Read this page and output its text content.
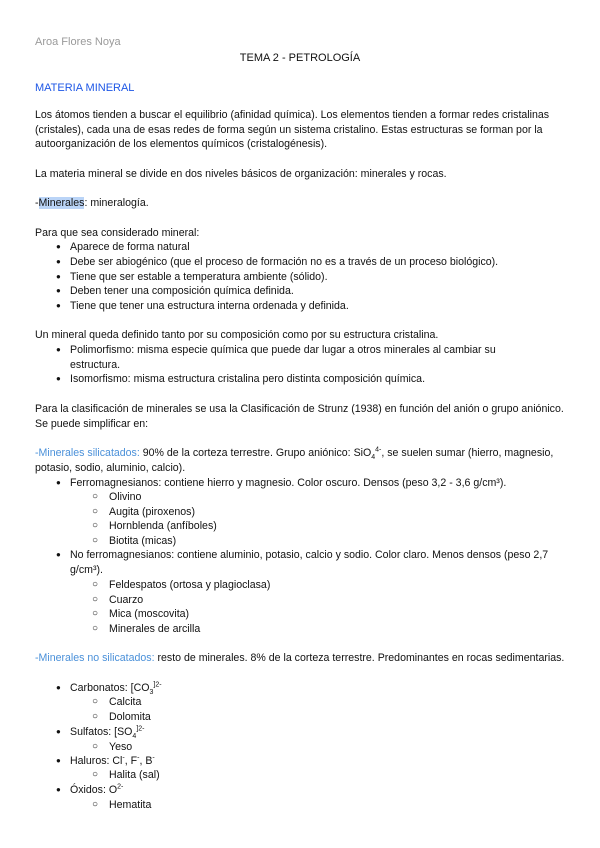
Aroa Flores Noya
TEMA 2 - PETROLOGÍA
MATERIA MINERAL
Los átomos tienden a buscar el equilibrio (afinidad química). Los elementos tienden a formar redes cristalinas (cristales), cada una de esas redes de forma según un sistema cristalino. Estas estructuras se forman por la autoorganización de los elementos químicos (cristalogénesis).
La materia mineral se divide en dos niveles básicos de organización: minerales y rocas.
-Minerales: mineralogía.
Para que sea considerado mineral:
● Aparece de forma natural
● Debe ser abiogénico (que el proceso de formación no es a través de un proceso biológico).
● Tiene que ser estable a temperatura ambiente (sólido).
● Deben tener una composición química definida.
● Tiene que tener una estructura interna ordenada y definida.
Un mineral queda definido tanto por su composición como por su estructura cristalina.
● Polimorfismo: misma especie química que puede dar lugar a otros minerales al cambiar su estructura.
● Isomorfismo: misma estructura cristalina pero distinta composición química.
Para la clasificación de minerales se usa la Clasificación de Strunz (1938) en función del anión o grupo aniónico. Se puede simplificar en:
-Minerales silicatados: 90% de la corteza terrestre. Grupo aniónico: SiO$_4^{4-}$, se suelen sumar (hierro, magnesio, potasio, sodio, aluminio, calcio).
● Ferromagnesianos: contiene hierro y magnesio. Color oscuro. Densos (peso 3,2 - 3,6 g/cm³).
○ Olivino
○ Augita (piroxenos)
○ Hornblenda (anfíboles)
○ Biotita (micas)
● No ferromagnesianos: contiene aluminio, potasio, calcio y sodio. Color claro. Menos densos (peso 2,7 g/cm³).
○ Feldespatos (ortosa y plagioclasa)
○ Cuarzo
○ Mica (moscovita)
○ Minerales de arcilla
-Minerales no silicatados: resto de minerales. 8% de la corteza terrestre. Predominantes en rocas sedimentarias.
● Carbonatos: [$CO_3^{]2-}$
○ Calcita
○ Dolomita
● Sulfatos: [$SO_4^{]2-}$
○ Yeso
● Haluros: Cl-, F-, B-
○ Halita (sal)
● Óxidos: $O^{2-}$
○ Hematita
